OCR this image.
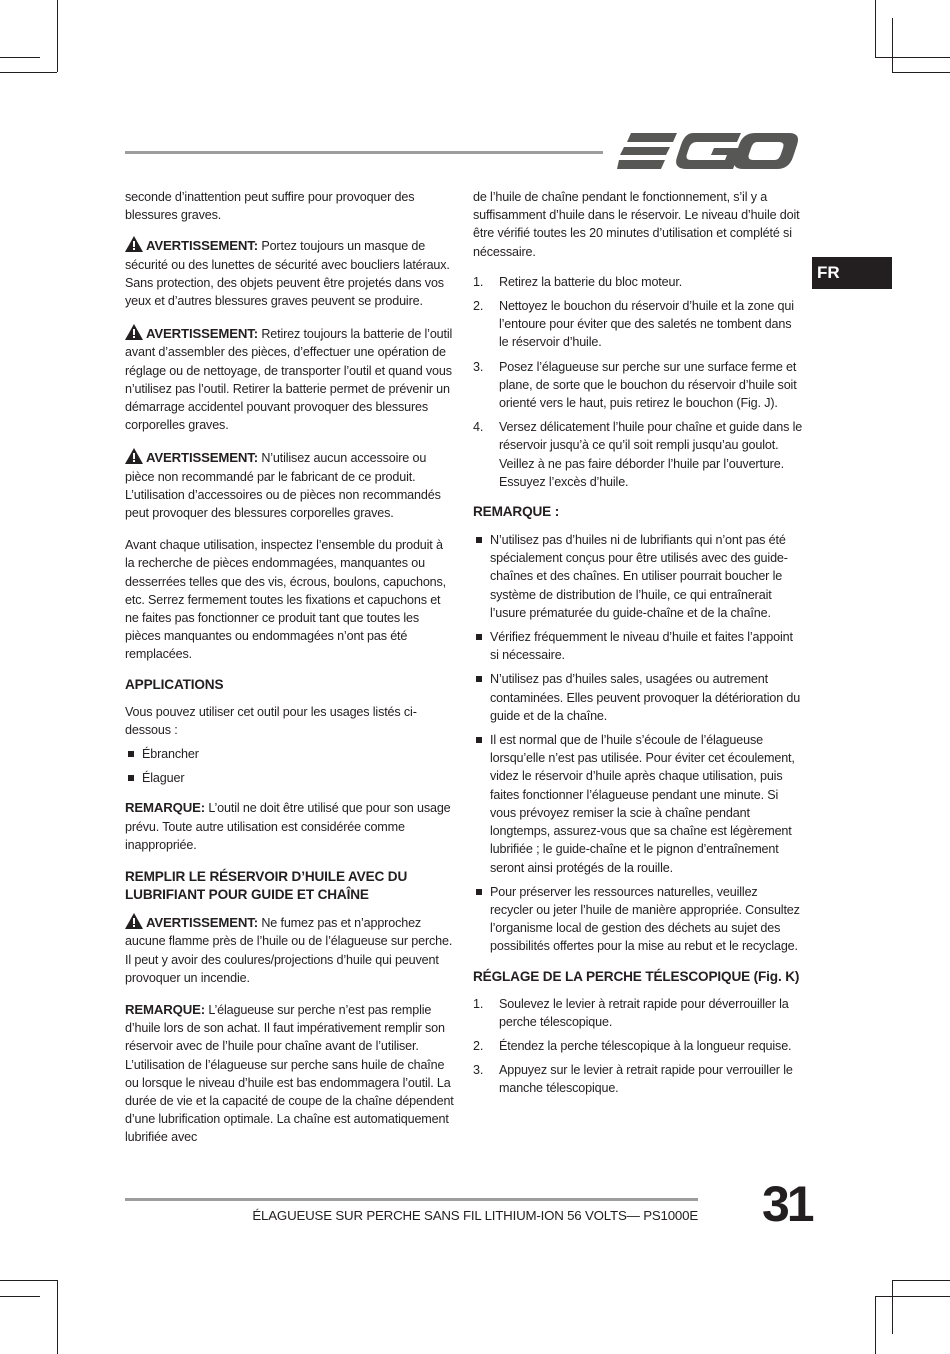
FR

seconde d’inattention peut suffire pour provoquer des blessures graves.

AVERTISSEMENT: Portez toujours un masque de sécurité ou des lunettes de sécurité avec boucliers latéraux. Sans protection, des objets peuvent être projetés dans vos yeux et d’autres blessures graves peuvent se produire.

AVERTISSEMENT: Retirez toujours la batterie de l’outil avant d’assembler des pièces, d’effectuer une opération de réglage ou de nettoyage, de transporter l’outil et quand vous n’utilisez pas l’outil. Retirer la batterie permet de prévenir un démarrage accidentel pouvant provoquer des blessures corporelles graves.

AVERTISSEMENT: N’utilisez aucun accessoire ou pièce non recommandé par le fabricant de ce produit. L’utilisation d’accessoires ou de pièces non recommandés peut provoquer des blessures corporelles graves.

Avant chaque utilisation, inspectez l’ensemble du produit à la recherche de pièces endommagées, manquantes ou desserrées telles que des vis, écrous, boulons, capuchons, etc. Serrez fermement toutes les fixations et capuchons et ne faites pas fonctionner ce produit tant que toutes les pièces manquantes ou endommagées n’ont pas été remplacées.

APPLICATIONS

Vous pouvez utiliser cet outil pour les usages listés ci-dessous :

Ébrancher
Élaguer

REMARQUE: L’outil ne doit être utilisé que pour son usage prévu. Toute autre utilisation est considérée comme inappropriée.

REMPLIR LE RÉSERVOIR D’HUILE AVEC DU LUBRIFIANT POUR GUIDE ET CHAÎNE

AVERTISSEMENT: Ne fumez pas et n’approchez aucune flamme près de l’huile ou de l’élagueuse sur perche. Il peut y avoir des coulures/projections d’huile qui peuvent provoquer un incendie.

REMARQUE: L’élagueuse sur perche n’est pas remplie d’huile lors de son achat. Il faut impérativement remplir son réservoir avec de l’huile pour chaîne avant de l’utiliser. L’utilisation de l’élagueuse sur perche sans huile de chaîne ou lorsque le niveau d’huile est bas endommagera l’outil. La durée de vie et la capacité de coupe de la chaîne dépendent d’une lubrification optimale. La chaîne est automatiquement lubrifiée avec

de l’huile de chaîne pendant le fonctionnement, s’il y a suffisamment d’huile dans le réservoir. Le niveau d’huile doit être vérifié toutes les 20 minutes d’utilisation et complété si nécessaire.

1. Retirez la batterie du bloc moteur.
2. Nettoyez le bouchon du réservoir d’huile et la zone qui l’entoure pour éviter que des saletés ne tombent dans le réservoir d’huile.
3. Posez l’élagueuse sur perche sur une surface ferme et plane, de sorte que le bouchon du réservoir d’huile soit orienté vers le haut, puis retirez le bouchon (Fig. J).
4. Versez délicatement l’huile pour chaîne et guide dans le réservoir jusqu’à ce qu’il soit rempli jusqu’au goulot. Veillez à ne pas faire déborder l’huile par l’ouverture. Essuyez l’excès d’huile.
REMARQUE :
N’utilisez pas d’huiles ni de lubrifiants qui n’ont pas été spécialement conçus pour être utilisés avec des guide-chaînes et des chaînes. En utiliser pourrait boucher le système de distribution de l’huile, ce qui entraînerait l’usure prématurée du guide-chaîne et de la chaîne.
Vérifiez fréquemment le niveau d’huile et faites l’appoint si nécessaire.
N’utilisez pas d’huiles sales, usagées ou autrement contaminées. Elles peuvent provoquer la détérioration du guide et de la chaîne.
Il est normal que de l’huile s’écoule de l’élagueuse lorsqu’elle n’est pas utilisée. Pour éviter cet écoulement, videz le réservoir d’huile après chaque utilisation, puis faites fonctionner l’élagueuse pendant une minute. Si vous prévoyez remiser la scie à chaîne pendant longtemps, assurez-vous que sa chaîne est légèrement lubrifiée ; le guide-chaîne et le pignon d’entraînement seront ainsi protégés de la rouille.
Pour préserver les ressources naturelles, veuillez recycler ou jeter l’huile de manière appropriée. Consultez l’organisme local de gestion des déchets au sujet des possibilités offertes pour la mise au rebut et le recyclage.
RÉGLAGE DE LA PERCHE TÉLESCOPIQUE (Fig. K)
1. Soulevez le levier à retrait rapide pour déverrouiller la perche télescopique.
2. Étendez la perche télescopique à la longueur requise.
3. Appuyez sur le levier à retrait rapide pour verrouiller le manche télescopique.
ÉLAGUEUSE SUR PERCHE SANS FIL LITHIUM-ION 56 VOLTS— PS1000E 31
